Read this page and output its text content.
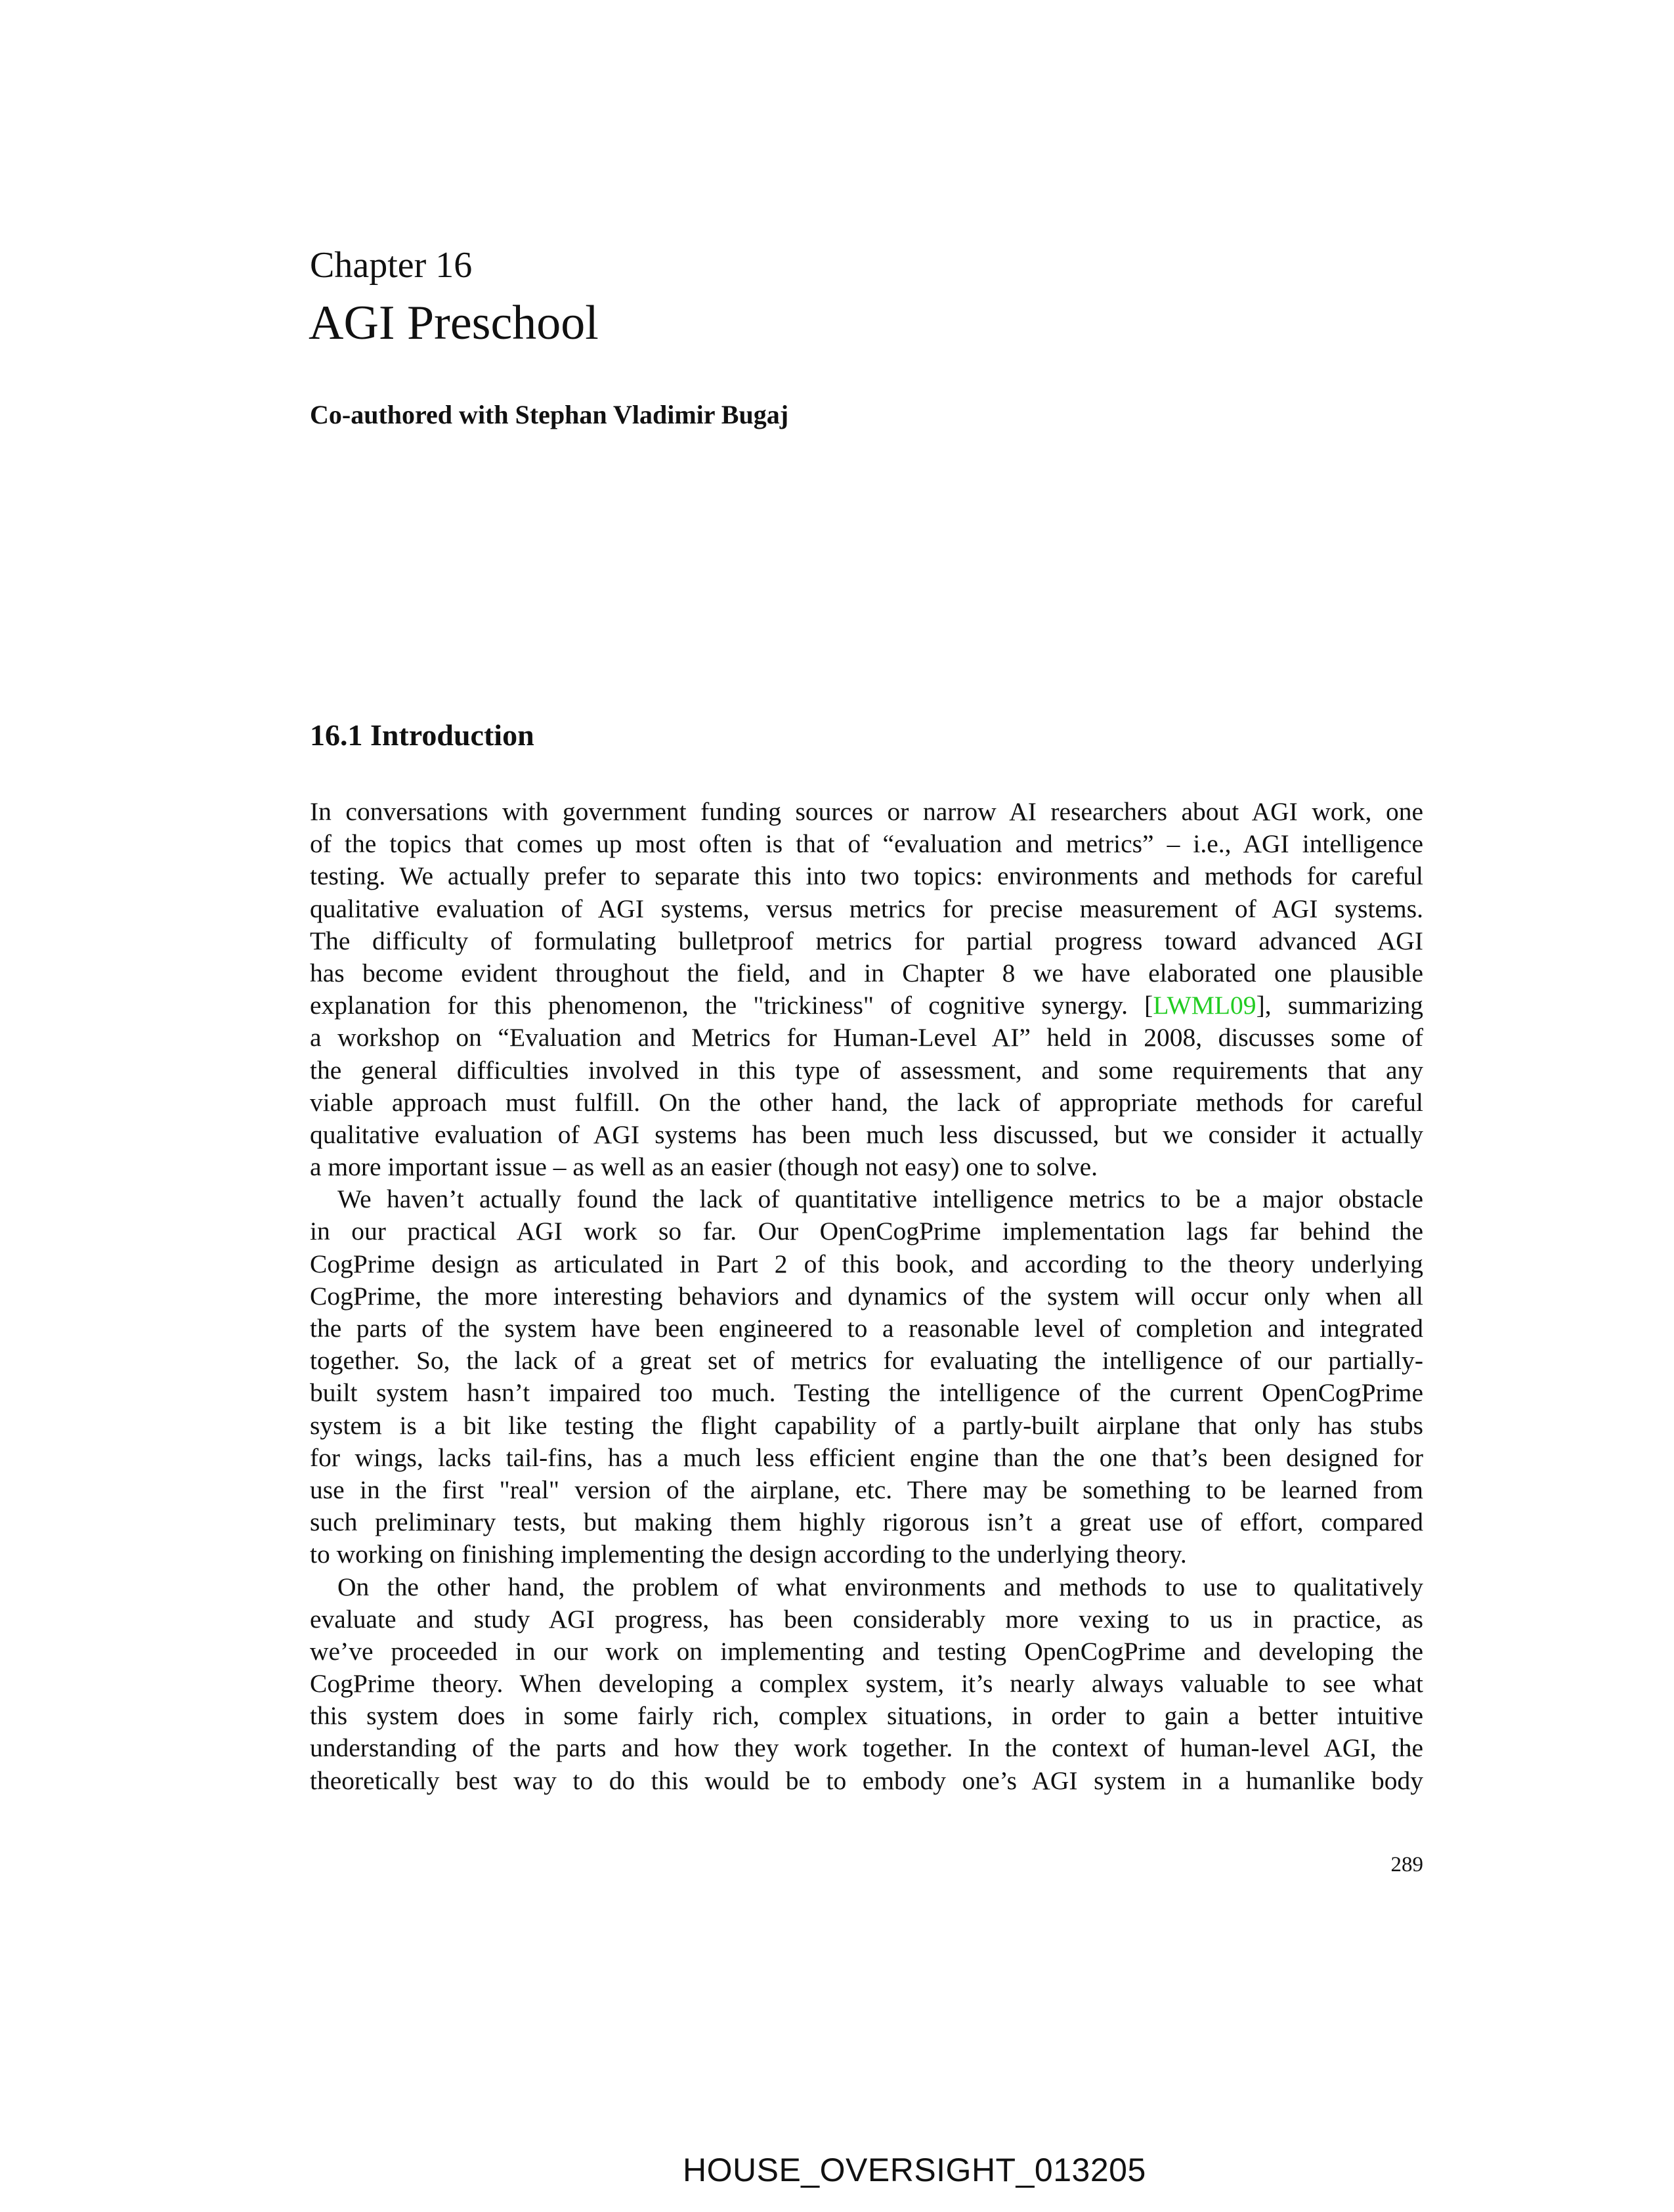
Chapter 16
AGI Preschool
Co-authored with Stephan Vladimir Bugaj
16.1 Introduction
In conversations with government funding sources or narrow AI researchers about AGI work, one
of the topics that comes up most often is that of “evaluation and metrics” – i.e., AGI intelligence
testing. We actually prefer to separate this into two topics: environments and methods for careful
qualitative evaluation of AGI systems, versus metrics for precise measurement of AGI systems.
The difficulty of formulating bulletproof metrics for partial progress toward advanced AGI
has become evident throughout the field, and in Chapter 8 we have elaborated one plausible
explanation for this phenomenon, the "trickiness" of cognitive synergy. [LWML09], summarizing
a workshop on “Evaluation and Metrics for Human-Level AI” held in 2008, discusses some of
the general difficulties involved in this type of assessment, and some requirements that any
viable approach must fulfill. On the other hand, the lack of appropriate methods for careful
qualitative evaluation of AGI systems has been much less discussed, but we consider it actually
a more important issue – as well as an easier (though not easy) one to solve.
We haven’t actually found the lack of quantitative intelligence metrics to be a major obstacle
in our practical AGI work so far. Our OpenCogPrime implementation lags far behind the
CogPrime design as articulated in Part 2 of this book, and according to the theory underlying
CogPrime, the more interesting behaviors and dynamics of the system will occur only when all
the parts of the system have been engineered to a reasonable level of completion and integrated
together. So, the lack of a great set of metrics for evaluating the intelligence of our partially-
built system hasn’t impaired too much. Testing the intelligence of the current OpenCogPrime
system is a bit like testing the flight capability of a partly-built airplane that only has stubs
for wings, lacks tail-fins, has a much less efficient engine than the one that’s been designed for
use in the first "real" version of the airplane, etc. There may be something to be learned from
such preliminary tests, but making them highly rigorous isn’t a great use of effort, compared
to working on finishing implementing the design according to the underlying theory.
On the other hand, the problem of what environments and methods to use to qualitatively
evaluate and study AGI progress, has been considerably more vexing to us in practice, as
we’ve proceeded in our work on implementing and testing OpenCogPrime and developing the
CogPrime theory. When developing a complex system, it’s nearly always valuable to see what
this system does in some fairly rich, complex situations, in order to gain a better intuitive
understanding of the parts and how they work together. In the context of human-level AGI, the
theoretically best way to do this would be to embody one’s AGI system in a humanlike body
289
HOUSE_OVERSIGHT_013205
